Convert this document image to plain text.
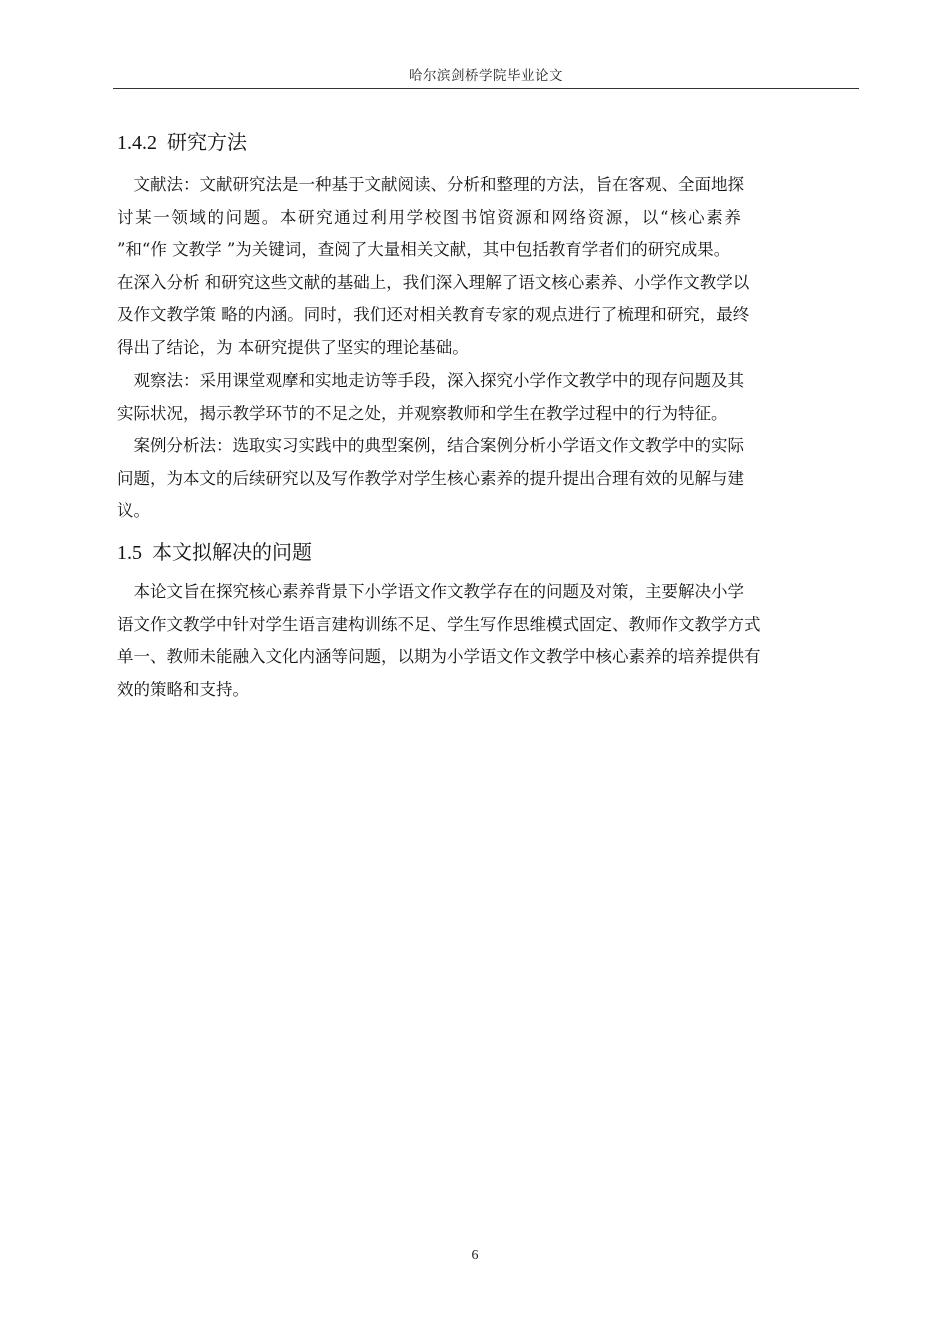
哈尔滨剑桥学院毕业论文
1.4.2 研究方法
　文献法：文献研究法是一种基于文献阅读、分析和整理的方法，旨在客观、全面地探
讨某一领域的问题。本研究通过利用学校图书馆资源和网络资源，以“核心素养
”和“作 文教学 ”为关键词，查阅了大量相关文献，其中包括教育学者们的研究成果。
在深入分析 和研究这些文献的基础上，我们深入理解了语文核心素养、小学作文教学以
及作文教学策 略的内涵。同时，我们还对相关教育专家的观点进行了梳理和研究，最终
得出了结论，为 本研究提供了坚实的理论基础。
　观察法：采用课堂观摩和实地走访等手段，深入探究小学作文教学中的现存问题及其
实际状况，揭示教学环节的不足之处，并观察教师和学生在教学过程中的行为特征。
　案例分析法：选取实习实践中的典型案例，结合案例分析小学语文作文教学中的实际
问题，为本文的后续研究以及写作教学对学生核心素养的提升提出合理有效的见解与建
议。
1.5 本文拟解决的问题
　本论文旨在探究核心素养背景下小学语文作文教学存在的问题及对策，主要解决小学
语文作文教学中针对学生语言建构训练不足、学生写作思维模式固定、教师作文教学方式
单一、教师未能融入文化内涵等问题，以期为小学语文作文教学中核心素养的培养提供有
效的策略和支持。
6
